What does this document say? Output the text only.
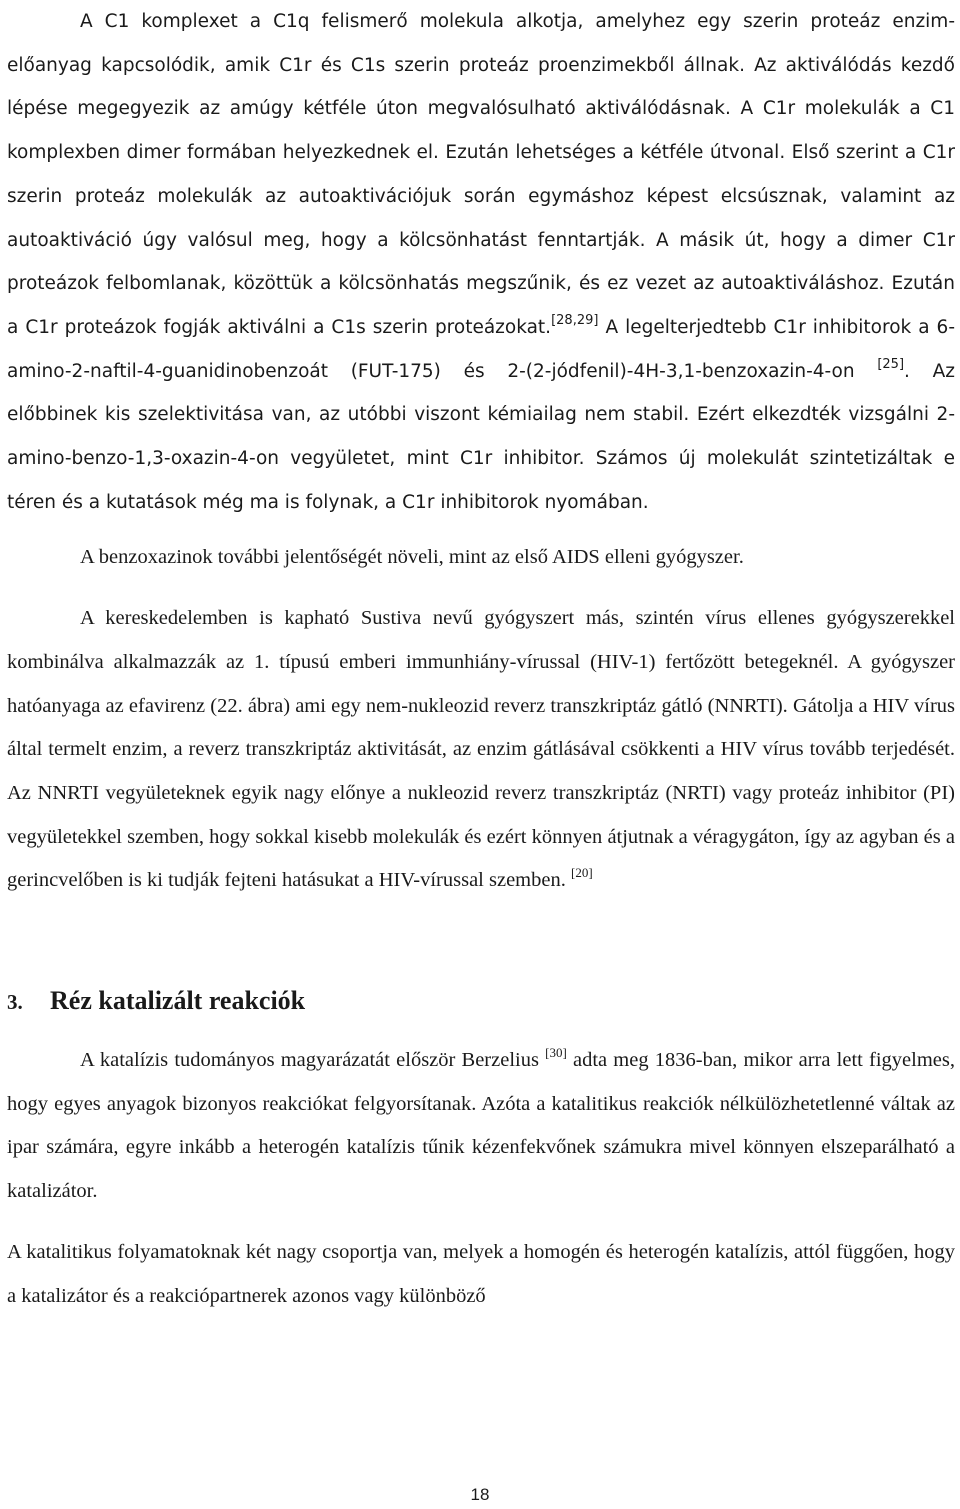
A C1 komplexet a C1q felismerő molekula alkotja, amelyhez egy szerin proteáz enzim-előanyag kapcsolódik, amik C1r és C1s szerin proteáz proenzimekből állnak. Az aktiválódás kezdő lépése megegyezik az amúgy kétféle úton megvalósulható aktiválódásnak. A C1r molekulák a C1 komplexben dimer formában helyezkednek el. Ezután lehetséges a kétféle útvonal. Első szerint a C1r szerin proteáz molekulák az autoaktivációjuk során egymáshoz képest elcsúsznak, valamint az autoaktiváció úgy valósul meg, hogy a kölcsönhatást fenntartják. A másik út, hogy a dimer C1r proteázok felbomlanak, közöttük a kölcsönhatás megszűnik, és ez vezet az autoaktiváláshoz. Ezután a C1r proteázok fogják aktiválni a C1s szerin proteázokat.[28,29] A legelterjedtebb C1r inhibitorok a 6-amino-2-naftil-4-guanidinobenzoát (FUT-175) és 2-(2-jódfenil)-4H-3,1-benzoxazin-4-on [25]. Az előbbinek kis szelektivitása van, az utóbbi viszont kémiailag nem stabil. Ezért elkezdték vizsgálni 2-amino-benzo-1,3-oxazin-4-on vegyületet, mint C1r inhibitor. Számos új molekulát szintetizáltak e téren és a kutatások még ma is folynak, a C1r inhibitorok nyomában.

A benzoxazinok további jelentőségét növeli, mint az első AIDS elleni gyógyszer.

A kereskedelemben is kapható Sustiva nevű gyógyszert más, szintén vírus ellenes gyógyszerekkel kombinálva alkalmazzák az 1. típusú emberi immunhiány-vírussal (HIV-1) fertőzött betegeknél. A gyógyszer hatóanyaga az efavirenz (22. ábra) ami egy nem-nukleozid reverz transzkriptáz gátló (NNRTI). Gátolja a HIV vírus által termelt enzim, a reverz transzkriptáz aktivitását, az enzim gátlásával csökkenti a HIV vírus tovább terjedését. Az NNRTI vegyületeknek egyik nagy előnye a nukleozid reverz transzkriptáz (NRTI) vagy proteáz inhibitor (PI) vegyületekkel szemben, hogy sokkal kisebb molekulák és ezért könnyen átjutnak a véragygáton, így az agyban és a gerincvelőben is ki tudják fejteni hatásukat a HIV-vírussal szemben. [20]

3.	Réz katalizált reakciók

A katalízis tudományos magyarázatát először Berzelius [30] adta meg 1836-ban, mikor arra lett figyelmes, hogy egyes anyagok bizonyos reakciókat felgyorsítanak. Azóta a katalitikus reakciók nélkülözhetetlenné váltak az ipar számára, egyre inkább a heterogén katalízis tűnik kézenfekvőnek számukra mivel könnyen elszeparálható a katalizátor.

A katalitikus folyamatoknak két nagy csoportja van, melyek a homogén és heterogén katalízis, attól függően, hogy a katalizátor és a reakciópartnerek azonos vagy különböző

18
